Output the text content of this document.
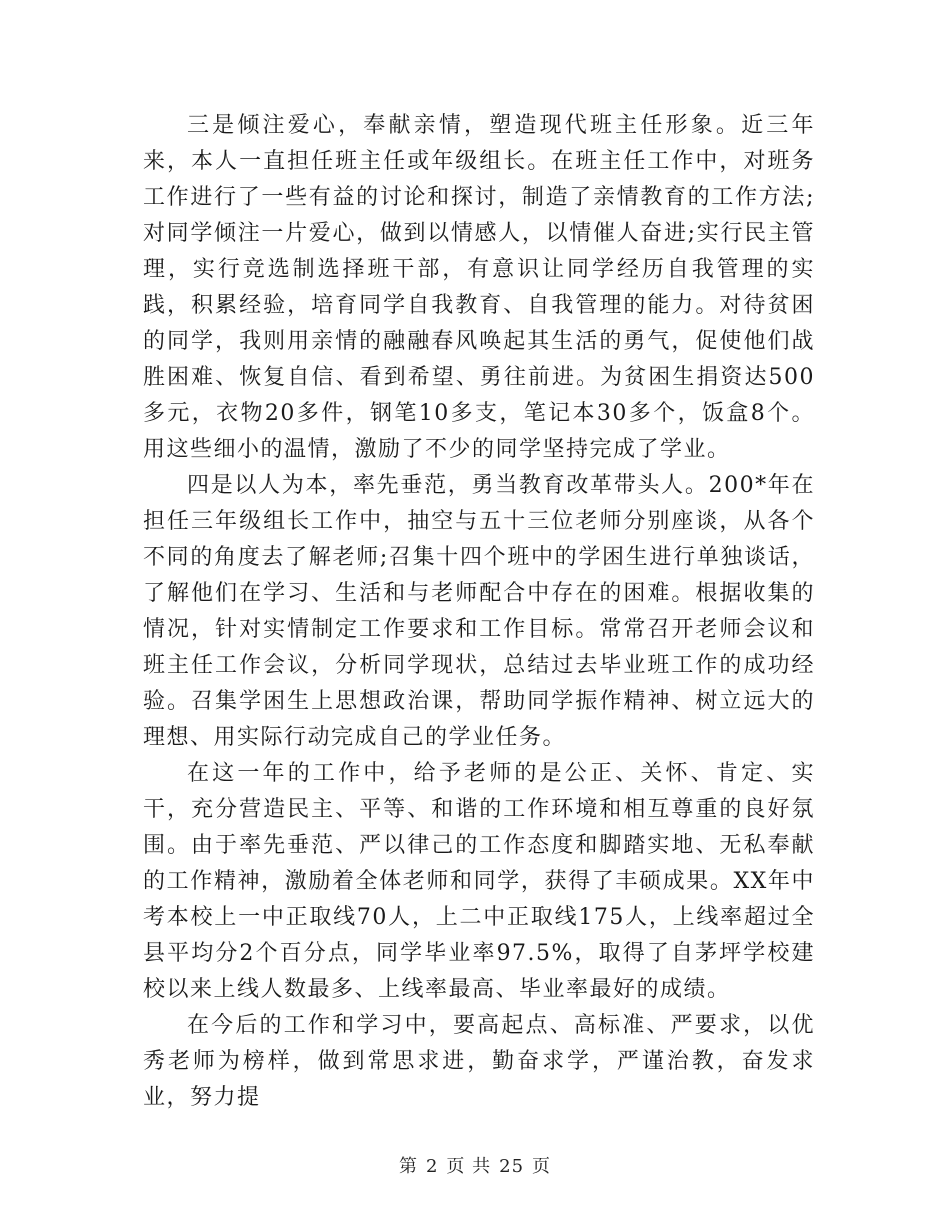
三是倾注爱心，奉献亲情，塑造现代班主任形象。近三年来，本人一直担任班主任或年级组长。在班主任工作中，对班务工作进行了一些有益的讨论和探讨，制造了亲情教育的工作方法;对同学倾注一片爱心，做到以情感人，以情催人奋进;实行民主管理，实行竞选制选择班干部，有意识让同学经历自我管理的实践，积累经验，培育同学自我教育、自我管理的能力。对待贫困的同学，我则用亲情的融融春风唤起其生活的勇气，促使他们战胜困难、恢复自信、看到希望、勇往前进。为贫困生捐资达500多元，衣物20多件，钢笔10多支，笔记本30多个，饭盒8个。用这些细小的温情，激励了不少的同学坚持完成了学业。

四是以人为本，率先垂范，勇当教育改革带头人。200*年在担任三年级组长工作中，抽空与五十三位老师分别座谈，从各个不同的角度去了解老师;召集十四个班中的学困生进行单独谈话，了解他们在学习、生活和与老师配合中存在的困难。根据收集的情况，针对实情制定工作要求和工作目标。常常召开老师会议和班主任工作会议，分析同学现状，总结过去毕业班工作的成功经验。召集学困生上思想政治课，帮助同学振作精神、树立远大的理想、用实际行动完成自己的学业任务。

在这一年的工作中，给予老师的是公正、关怀、肯定、实干，充分营造民主、平等、和谐的工作环境和相互尊重的良好氛围。由于率先垂范、严以律己的工作态度和脚踏实地、无私奉献的工作精神，激励着全体老师和同学，获得了丰硕成果。XX年中考本校上一中正取线70人，上二中正取线175人，上线率超过全县平均分2个百分点，同学毕业率97.5%，取得了自茅坪学校建校以来上线人数最多、上线率最高、毕业率最好的成绩。

在今后的工作和学习中，要高起点、高标准、严要求，以优秀老师为榜样，做到常思求进，勤奋求学，严谨治教，奋发求业，努力提

第 2 页 共 25 页
